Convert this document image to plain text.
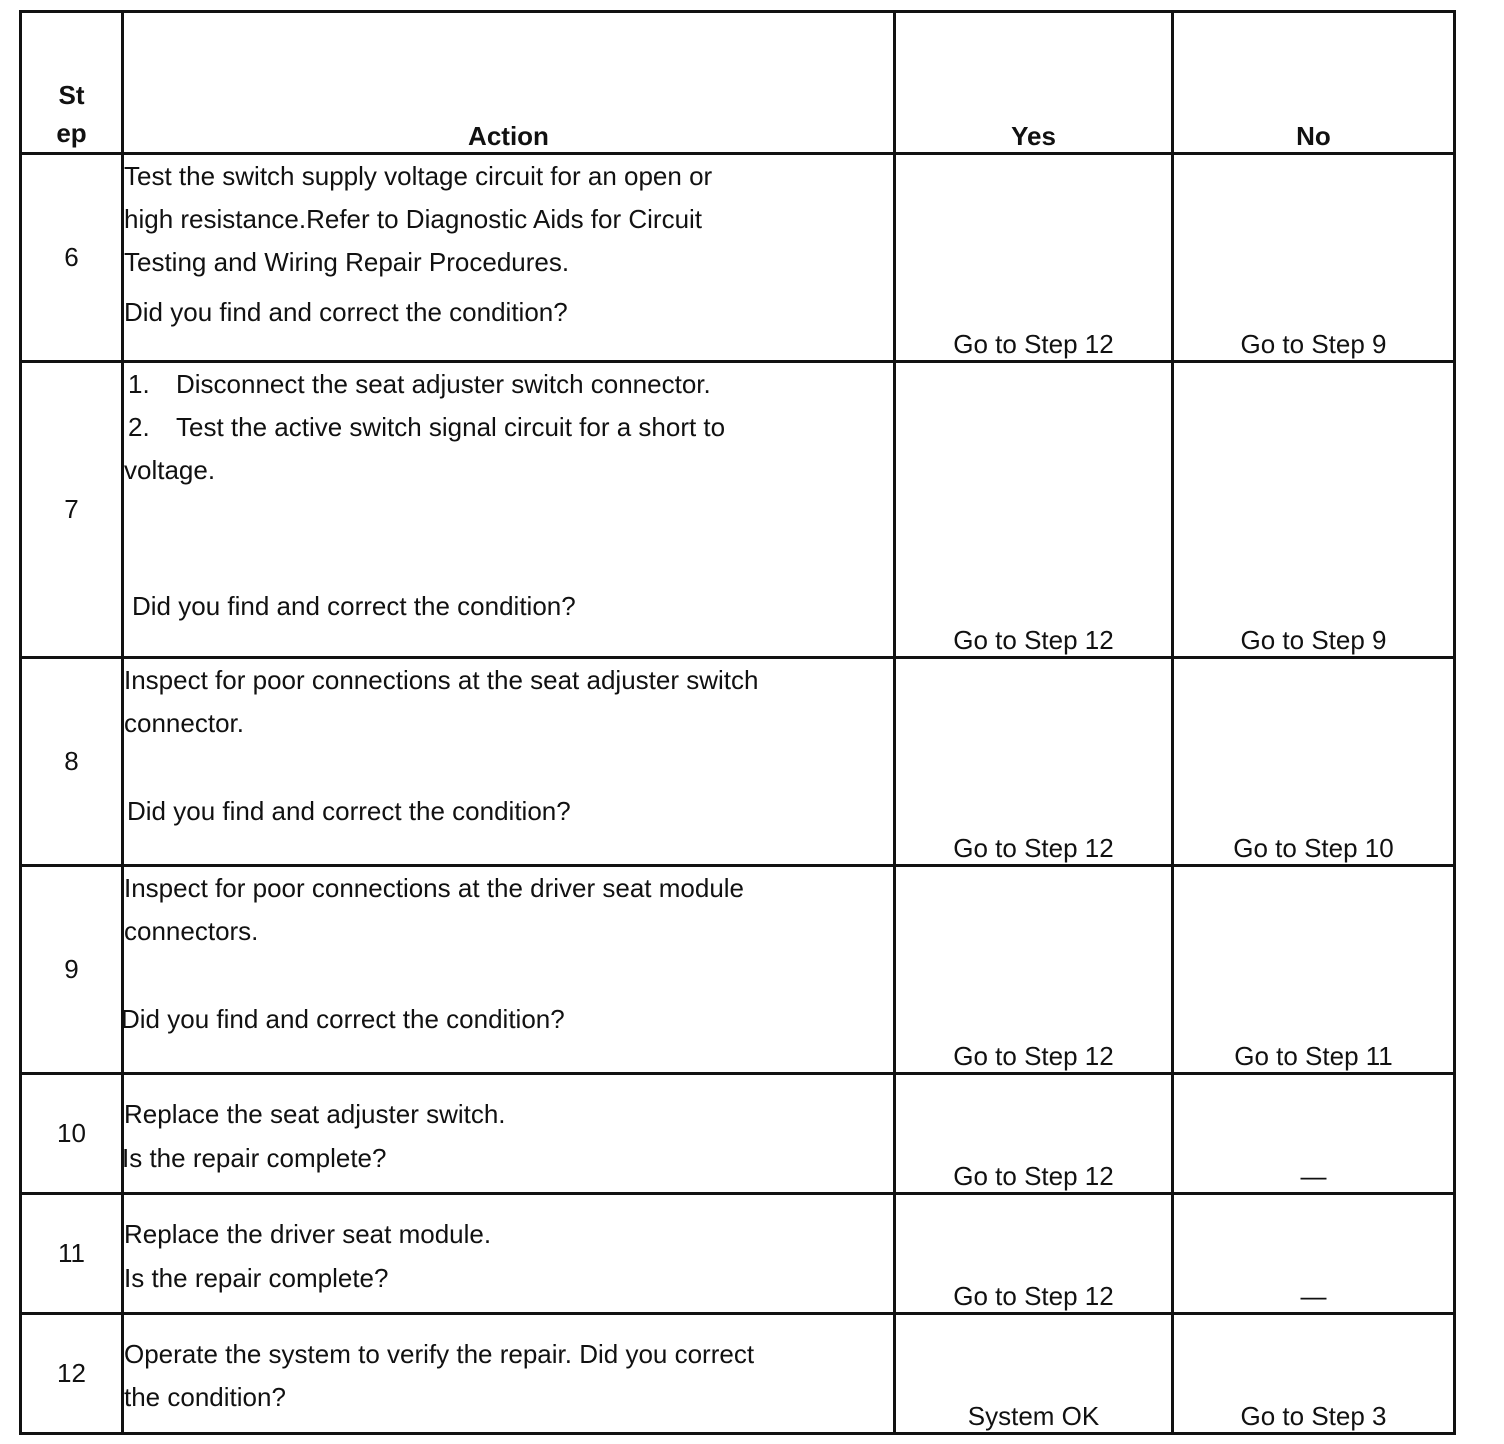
St
ep	Action	Yes	No
6	Test the switch supply voltage circuit for an open or
high resistance.Refer to Diagnostic Aids for Circuit
Testing and Wiring Repair Procedures.
Did you find and correct the condition?	Go to Step 12	Go to Step 9
7	1. Disconnect the seat adjuster switch connector.
2. Test the active switch signal circuit for a short to
voltage.
Did you find and correct the condition?	Go to Step 12	Go to Step 9
8	Inspect for poor connections at the seat adjuster switch
connector.
Did you find and correct the condition?	Go to Step 12	Go to Step 10
9	Inspect for poor connections at the driver seat module
connectors.
Did you find and correct the condition?	Go to Step 12	Go to Step 11
10	Replace the seat adjuster switch.
Is the repair complete?	Go to Step 12	—
11	Replace the driver seat module.
Is the repair complete?	Go to Step 12	—
12	Operate the system to verify the repair. Did you correct
the condition?	System OK	Go to Step 3
